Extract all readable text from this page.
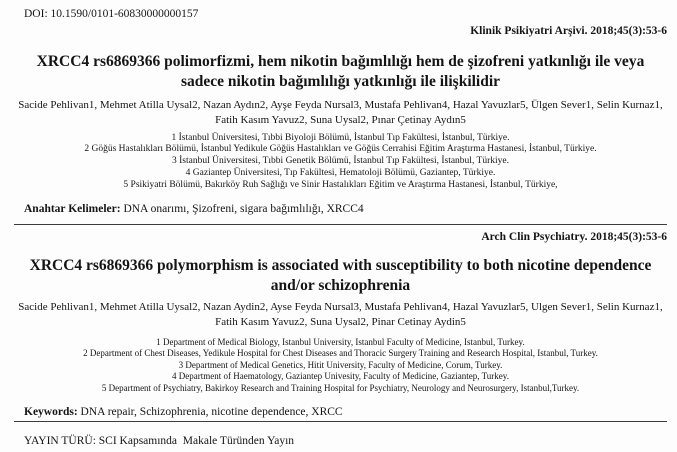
DOI: 10.1590/0101-60830000000157

Klinik Psikiyatri Arşivi. 2018;45(3):53-6

XRCC4 rs6869366 polimorfizmi, hem nikotin bağımlılığı hem de şizofreni yatkınlığı ile veya sadece nikotin bağımlılığı yatkınlığı ile ilişkilidir

Sacide Pehlivan1, Mehmet Atilla Uysal2, Nazan Aydın2, Ayşe Feyda Nursal3, Mustafa Pehlivan4, Hazal Yavuzlar5, Ülgen Sever1, Selin Kurnaz1, Fatih Kasım Yavuz2, Suna Uysal2, Pınar Çetinay Aydın5

1 İstanbul Üniversitesi, Tıbbi Biyoloji Bölümü, İstanbul Tıp Fakültesi, İstanbul, Türkiye.

2 Göğüs Hastalıkları Bölümü, İstanbul Yedikule Göğüs Hastalıkları ve Göğüs Cerrahisi Eğitim Araştırma Hastanesi, İstanbul, Türkiye.

3 İstanbul Üniversitesi, Tıbbi Genetik Bölümü, İstanbul Tıp Fakültesi, İstanbul, Türkiye.

4 Gaziantep Üniversitesi, Tıp Fakültesi, Hematoloji Bölümü, Gaziantep, Türkiye.

5 Psikiyatri Bölümü, Bakırköy Ruh Sağlığı ve Sinir Hastalıkları Eğitim ve Araştırma Hastanesi, İstanbul, Türkiye,

Anahtar Kelimeler: DNA onarımı, Şizofreni, sigara bağımlılığı, XRCC4

Arch Clin Psychiatry. 2018;45(3):53-6

XRCC4 rs6869366 polymorphism is associated with susceptibility to both nicotine dependence and/or schizophrenia

Sacide Pehlivan1, Mehmet Atilla Uysal2, Nazan Aydin2, Ayse Feyda Nursal3, Mustafa Pehlivan4, Hazal Yavuzlar5, Ulgen Sever1, Selin Kurnaz1, Fatih Kasım Yavuz2, Suna Uysal2, Pinar Cetinay Aydin5

1 Department of Medical Biology, Istanbul University, Istanbul Faculty of Medicine, Istanbul, Turkey.

2 Department of Chest Diseases, Yedikule Hospital for Chest Diseases and Thoracic Surgery Training and Research Hospital, Istanbul, Turkey.

3 Department of Medical Genetics, Hitit University, Faculty of Medicine, Corum, Turkey.

4 Department of Haematology, Gaziantep Univesity, Faculty of Medicine, Gaziantep, Turkey.

5 Department of Psychiatry, Bakirkoy Research and Training Hospital for Psychiatry, Neurology and Neurosurgery, Istanbul,Turkey.

Keywords: DNA repair, Schizophrenia, nicotine dependence, XRCC

YAYIN TÜRÜ: SCI Kapsamında  Makale Türünden Yayın
